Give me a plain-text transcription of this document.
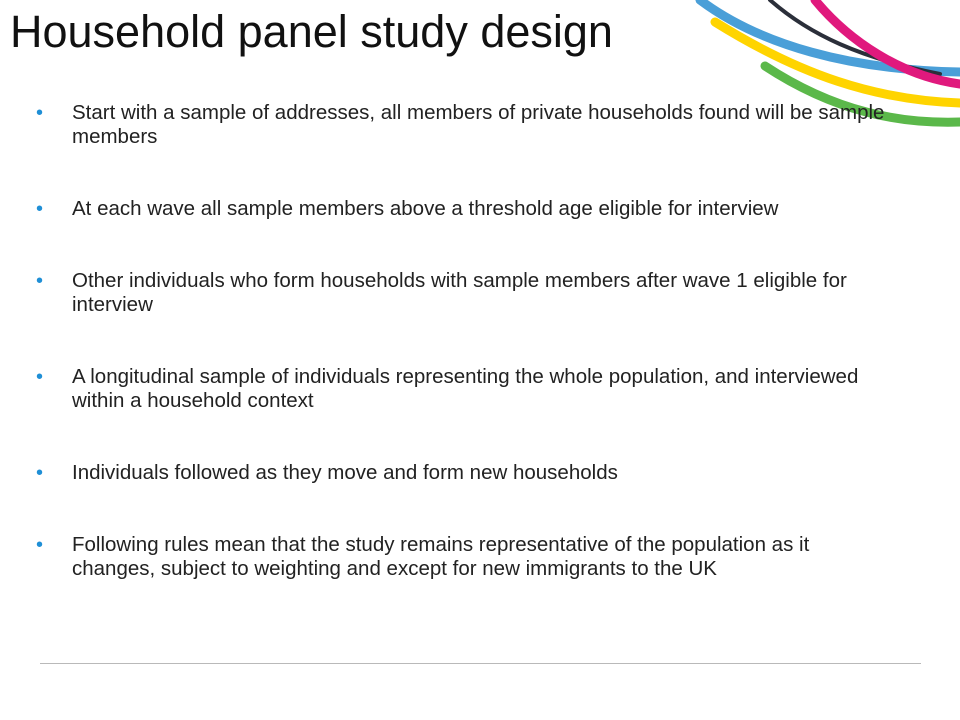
Household panel study design
• Start with a sample of addresses, all members of private households found will be sample members
• At each wave all sample members above a threshold age eligible for interview
• Other individuals who form households with sample members after wave 1 eligible for interview
• A longitudinal sample of individuals representing the whole population, and interviewed within a household context
• Individuals followed as they move and form new households
• Following rules mean that the study remains representative of the population as it changes, subject to weighting and except for new immigrants to the UK
